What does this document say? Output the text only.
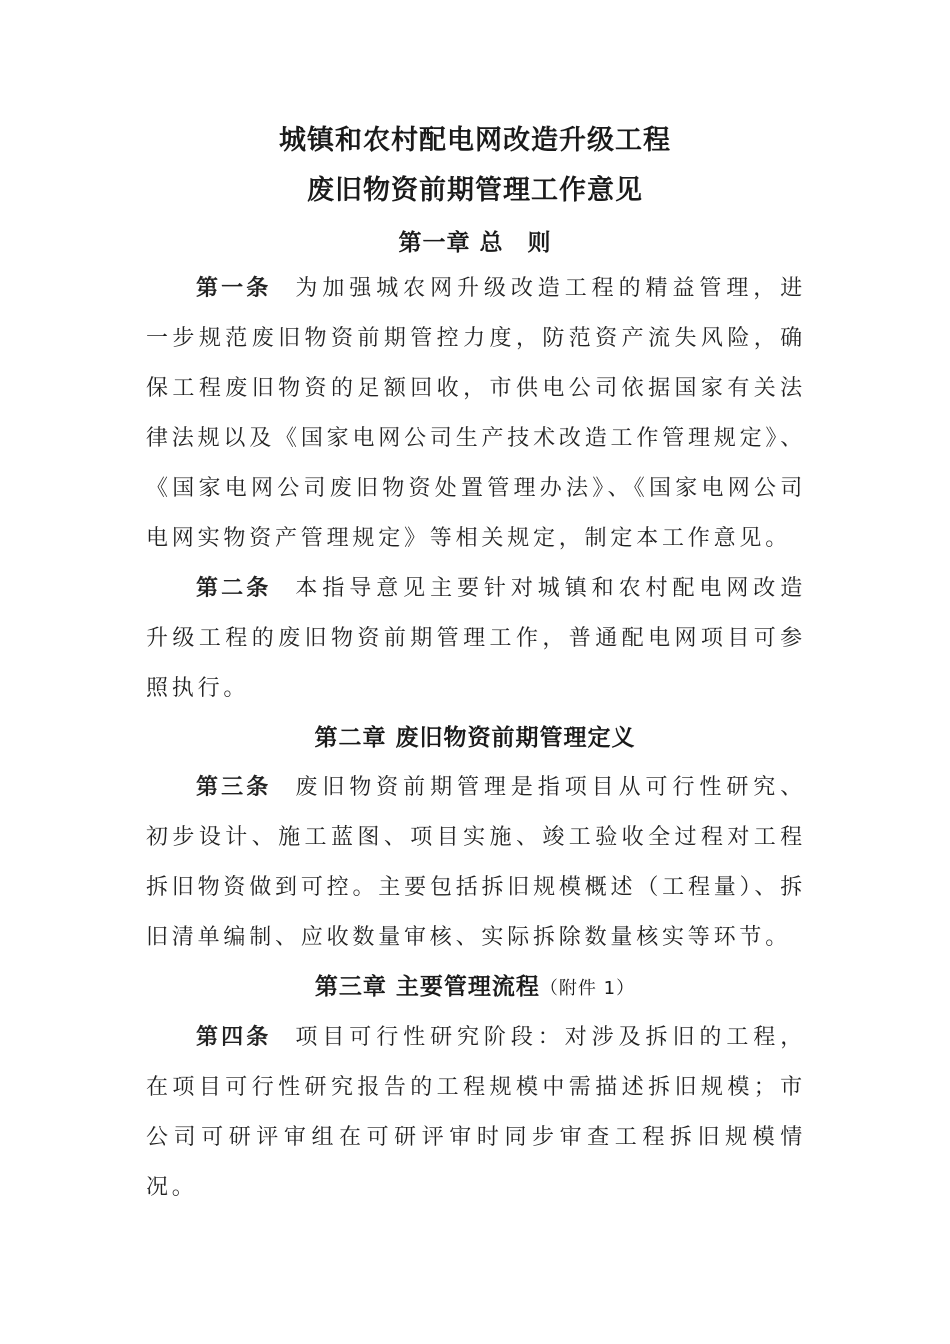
城镇和农村配电网改造升级工程
废旧物资前期管理工作意见
第一章 总　则

第一条 为加强城农网升级改造工程的精益管理，进一步规范废旧物资前期管控力度，防范资产流失风险，确保工程废旧物资的足额回收，市供电公司依据国家有关法律法规以及《国家电网公司生产技术改造工作管理规定》、《国家电网公司废旧物资处置管理办法》、《国家电网公司电网实物资产管理规定》等相关规定，制定本工作意见。

第二条 本指导意见主要针对城镇和农村配电网改造升级工程的废旧物资前期管理工作，普通配电网项目可参照执行。

第二章 废旧物资前期管理定义

第三条 废旧物资前期管理是指项目从可行性研究、初步设计、施工蓝图、项目实施、竣工验收全过程对工程拆旧物资做到可控。主要包括拆旧规模概述（工程量）、拆旧清单编制、应收数量审核、实际拆除数量核实等环节。

第三章 主要管理流程（附件 1）

第四条 项目可行性研究阶段：对涉及拆旧的工程，在项目可行性研究报告的工程规模中需描述拆旧规模；市公司可研评审组在可研评审时同步审查工程拆旧规模情况。
